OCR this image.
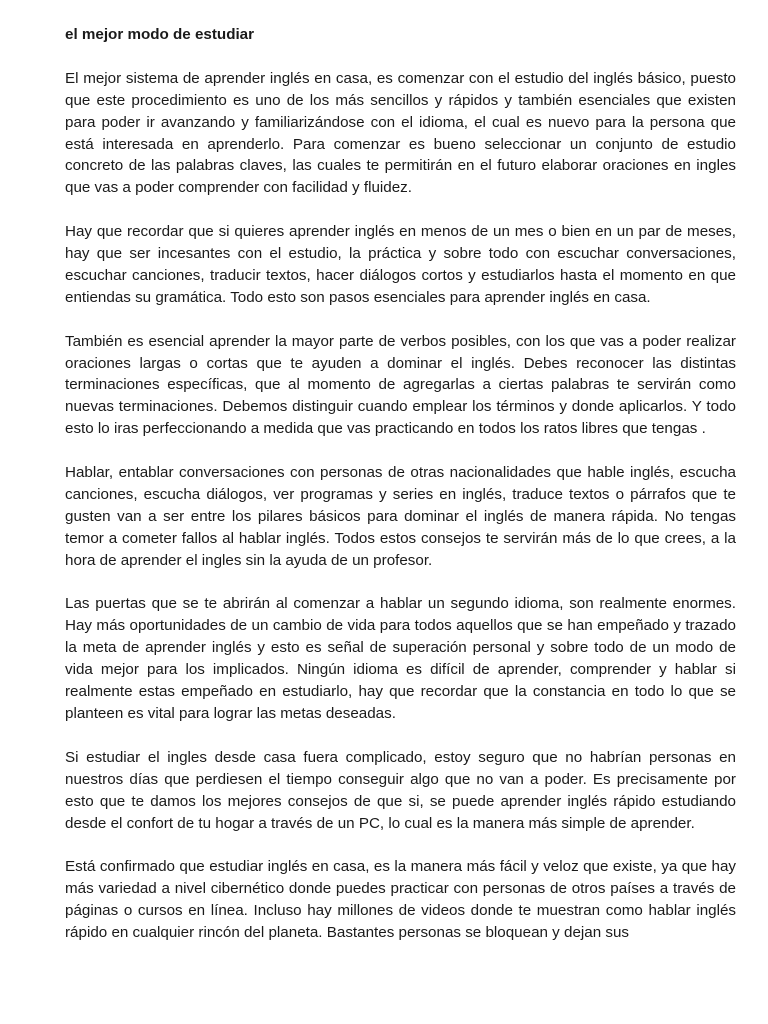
el mejor modo de estudiar

El mejor sistema de aprender inglés en casa, es comenzar con el estudio del inglés básico, puesto que este procedimiento es uno de los más sencillos y rápidos y también esenciales que existen para poder ir avanzando y familiarizándose con el idioma, el cual es nuevo para la persona que está interesada en aprenderlo. Para comenzar es bueno seleccionar un conjunto de estudio concreto de las palabras claves, las cuales te permitirán en el futuro elaborar oraciones en ingles que vas a poder comprender con facilidad y fluidez.

Hay que recordar que si quieres aprender inglés en menos de un mes o bien en un par de meses, hay que ser incesantes con el estudio, la práctica y sobre todo con escuchar conversaciones, escuchar canciones, traducir textos, hacer diálogos cortos y estudiarlos hasta el momento en que entiendas su gramática. Todo esto son pasos esenciales para aprender inglés en casa.

También es esencial aprender la mayor parte de verbos posibles, con los que vas a poder realizar oraciones largas o cortas que te ayuden a dominar el inglés. Debes reconocer las distintas terminaciones específicas, que al momento de agregarlas a ciertas palabras te servirán como nuevas terminaciones. Debemos distinguir cuando emplear los términos y donde aplicarlos. Y todo esto lo iras perfeccionando a medida que vas practicando en todos los ratos libres que tengas .

Hablar, entablar conversaciones con personas de otras nacionalidades que hable inglés, escucha canciones, escucha diálogos, ver programas y series en inglés, traduce textos o párrafos que te gusten van a ser entre los pilares básicos para dominar el inglés de manera rápida. No tengas temor a cometer fallos al hablar inglés. Todos estos consejos te servirán más de lo que crees, a la hora de aprender el ingles sin la ayuda de un profesor.

Las puertas que se te abrirán al comenzar a hablar un segundo idioma, son realmente enormes. Hay más oportunidades de un cambio de vida para todos aquellos que se han empeñado y trazado la meta de aprender inglés y esto es señal de superación personal y sobre todo de un modo de vida mejor para los implicados. Ningún idioma es difícil de aprender, comprender y hablar si realmente estas empeñado en estudiarlo, hay que recordar que la constancia en todo lo que se planteen es vital para lograr las metas deseadas.

Si estudiar el ingles desde casa fuera complicado, estoy seguro que no habrían personas en nuestros días que perdiesen el tiempo conseguir algo que no van a poder. Es precisamente por esto que te damos los mejores consejos de que si, se puede aprender inglés rápido estudiando desde el confort de tu hogar a través de un PC, lo cual es la manera más simple de aprender.

Está confirmado que estudiar inglés en casa, es la manera más fácil y veloz que existe, ya que hay más variedad a nivel cibernético donde puedes practicar con personas de otros países a través de páginas o cursos en línea. Incluso hay millones de videos donde te muestran como hablar inglés rápido en cualquier rincón del planeta. Bastantes personas se bloquean y dejan sus
